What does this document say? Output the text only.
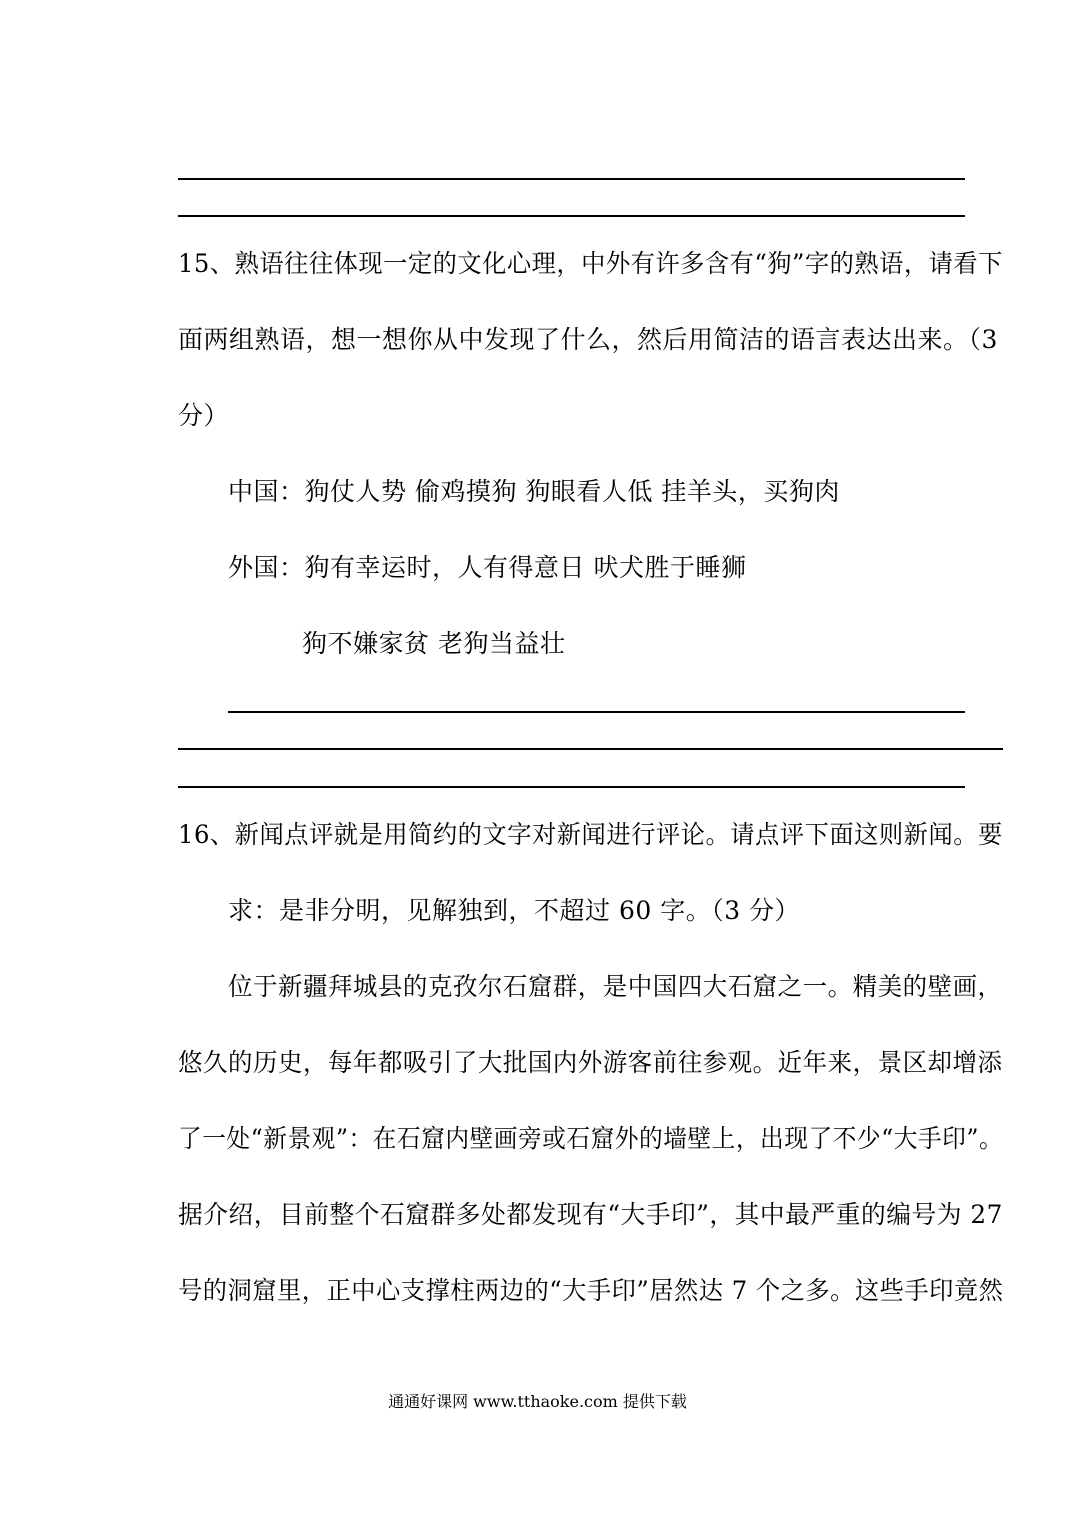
15、熟语往往体现一定的文化心理，中外有许多含有“狗”字的熟语，请看下
面两组熟语，想一想你从中发现了什么，然后用简洁的语言表达出来。（3
分）
中国：狗仗人势 偷鸡摸狗 狗眼看人低 挂羊头，买狗肉
外国：狗有幸运时，人有得意日 吠犬胜于睡狮
狗不嫌家贫 老狗当益壮
16、新闻点评就是用简约的文字对新闻进行评论。请点评下面这则新闻。要
求：是非分明，见解独到，不超过 60 字。（3 分）
位于新疆拜城县的克孜尔石窟群，是中国四大石窟之一。精美的壁画，
悠久的历史，每年都吸引了大批国内外游客前往参观。近年来，景区却增添
了一处“新景观”：在石窟内壁画旁或石窟外的墙壁上，出现了不少“大手印”。
据介绍，目前整个石窟群多处都发现有“大手印”，其中最严重的编号为 27
号的洞窟里，正中心支撑柱两边的“大手印”居然达 7 个之多。这些手印竟然
通通好课网 www.tthaoke.com 提供下载
